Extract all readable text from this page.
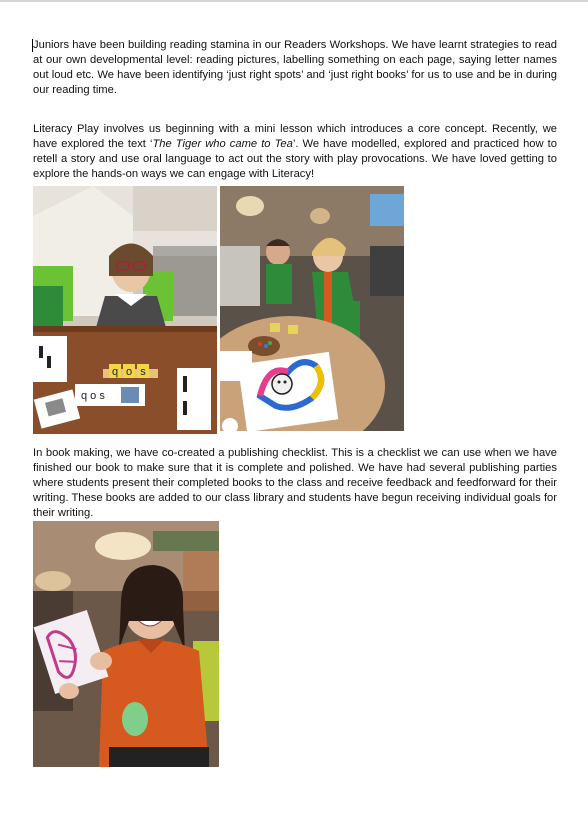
Juniors have been building reading stamina in our Readers Workshops. We have learnt strategies to read at our own developmental level: reading pictures, labelling something on each page, saying letter names out loud etc. We have been identifying ‘just right spots’ and ‘just right books’ for us to use and be in during our reading time.

Literacy Play involves us beginning with a mini lesson which introduces a core concept. Recently, we have explored the text ‘The Tiger who came to Tea’. We have modelled, explored and practiced how to retell a story and use oral language to act out the story with play provocations. We have loved getting to explore the hands-on ways we can engage with Literacy!

q o s
q o s

In book making, we have co-created a publishing checklist. This is a checklist we can use when we have finished our book to make sure that it is complete and polished. We have had several publishing parties where students present their completed books to the class and receive feedback and feedforward for their writing. These books are added to our class library and students have begun receiving individual goals for their writing.
